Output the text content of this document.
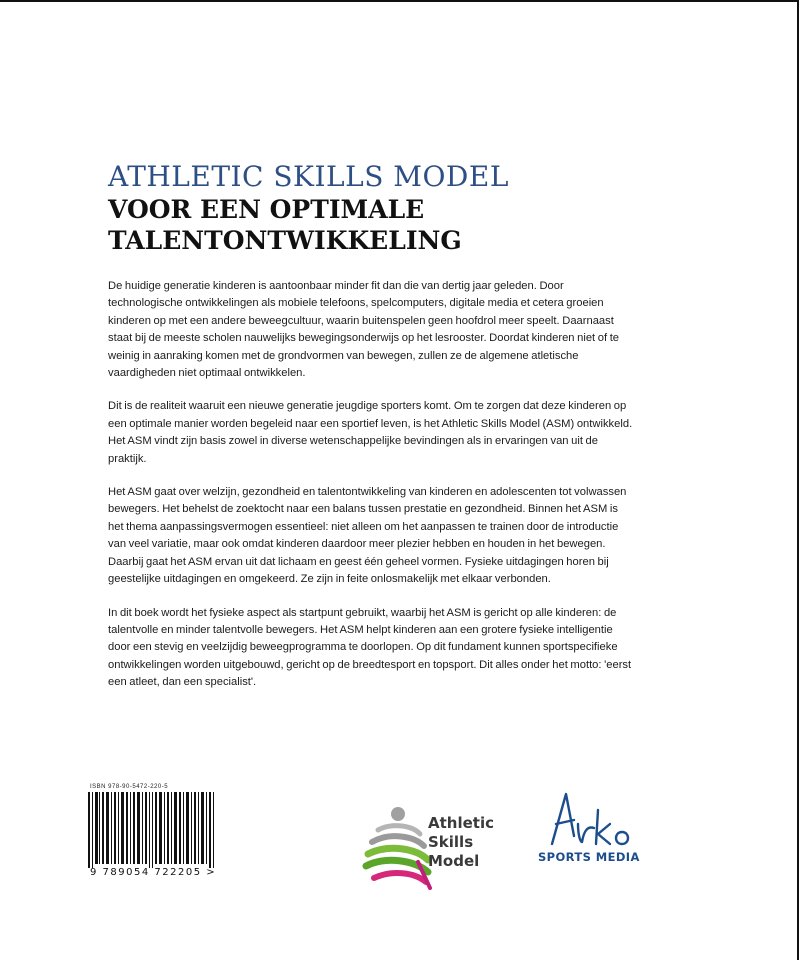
ATHLETIC SKILLS MODEL
VOOR EEN OPTIMALE
TALENTONTWIKKELING

De huidige generatie kinderen is aantoonbaar minder fit dan die van dertig jaar geleden. Door technologische ontwikkelingen als mobiele telefoons, spelcomputers, digitale media et cetera groeien kinderen op met een andere beweegcultuur, waarin buitenspelen geen hoofdrol meer speelt. Daarnaast staat bij de meeste scholen nauwelijks bewegingsonderwijs op het lesrooster. Doordat kinderen niet of te weinig in aanraking komen met de grondvormen van bewegen, zullen ze de algemene atletische vaardigheden niet optimaal ontwikkelen.

Dit is de realiteit waaruit een nieuwe generatie jeugdige sporters komt. Om te zorgen dat deze kinderen op een optimale manier worden begeleid naar een sportief leven, is het Athletic Skills Model (ASM) ontwikkeld. Het ASM vindt zijn basis zowel in diverse wetenschappelijke bevindingen als in ervaringen van uit de praktijk.

Het ASM gaat over welzijn, gezondheid en talentontwikkeling van kinderen en adolescenten tot volwassen bewegers. Het behelst de zoektocht naar een balans tussen prestatie en gezondheid. Binnen het ASM is het thema aanpassingsvermogen essentieel: niet alleen om het aanpassen te trainen door de introductie van veel variatie, maar ook omdat kinderen daardoor meer plezier hebben en houden in het bewegen. Daarbij gaat het ASM ervan uit dat lichaam en geest één geheel vormen. Fysieke uitdagingen horen bij geestelijke uitdagingen en omgekeerd. Ze zijn in feite onlosmakelijk met elkaar verbonden.

In dit boek wordt het fysieke aspect als startpunt gebruikt, waarbij het ASM is gericht op alle kinderen: de talentvolle en minder talentvolle bewegers. Het ASM helpt kinderen aan een grotere fysieke intelligentie door een stevig en veelzijdig beweegprogramma te doorlopen. Op dit fundament kunnen sportspecifieke ontwikkelingen worden uitgebouwd, gericht op de breedtesport en topsport. Dit alles onder het motto: 'eerst een atleet, dan een specialist'.

ISBN 978-90-5472-220-5
9 789054 722205 >
Athletic
Skills
Model	SPORTS MEDIA
